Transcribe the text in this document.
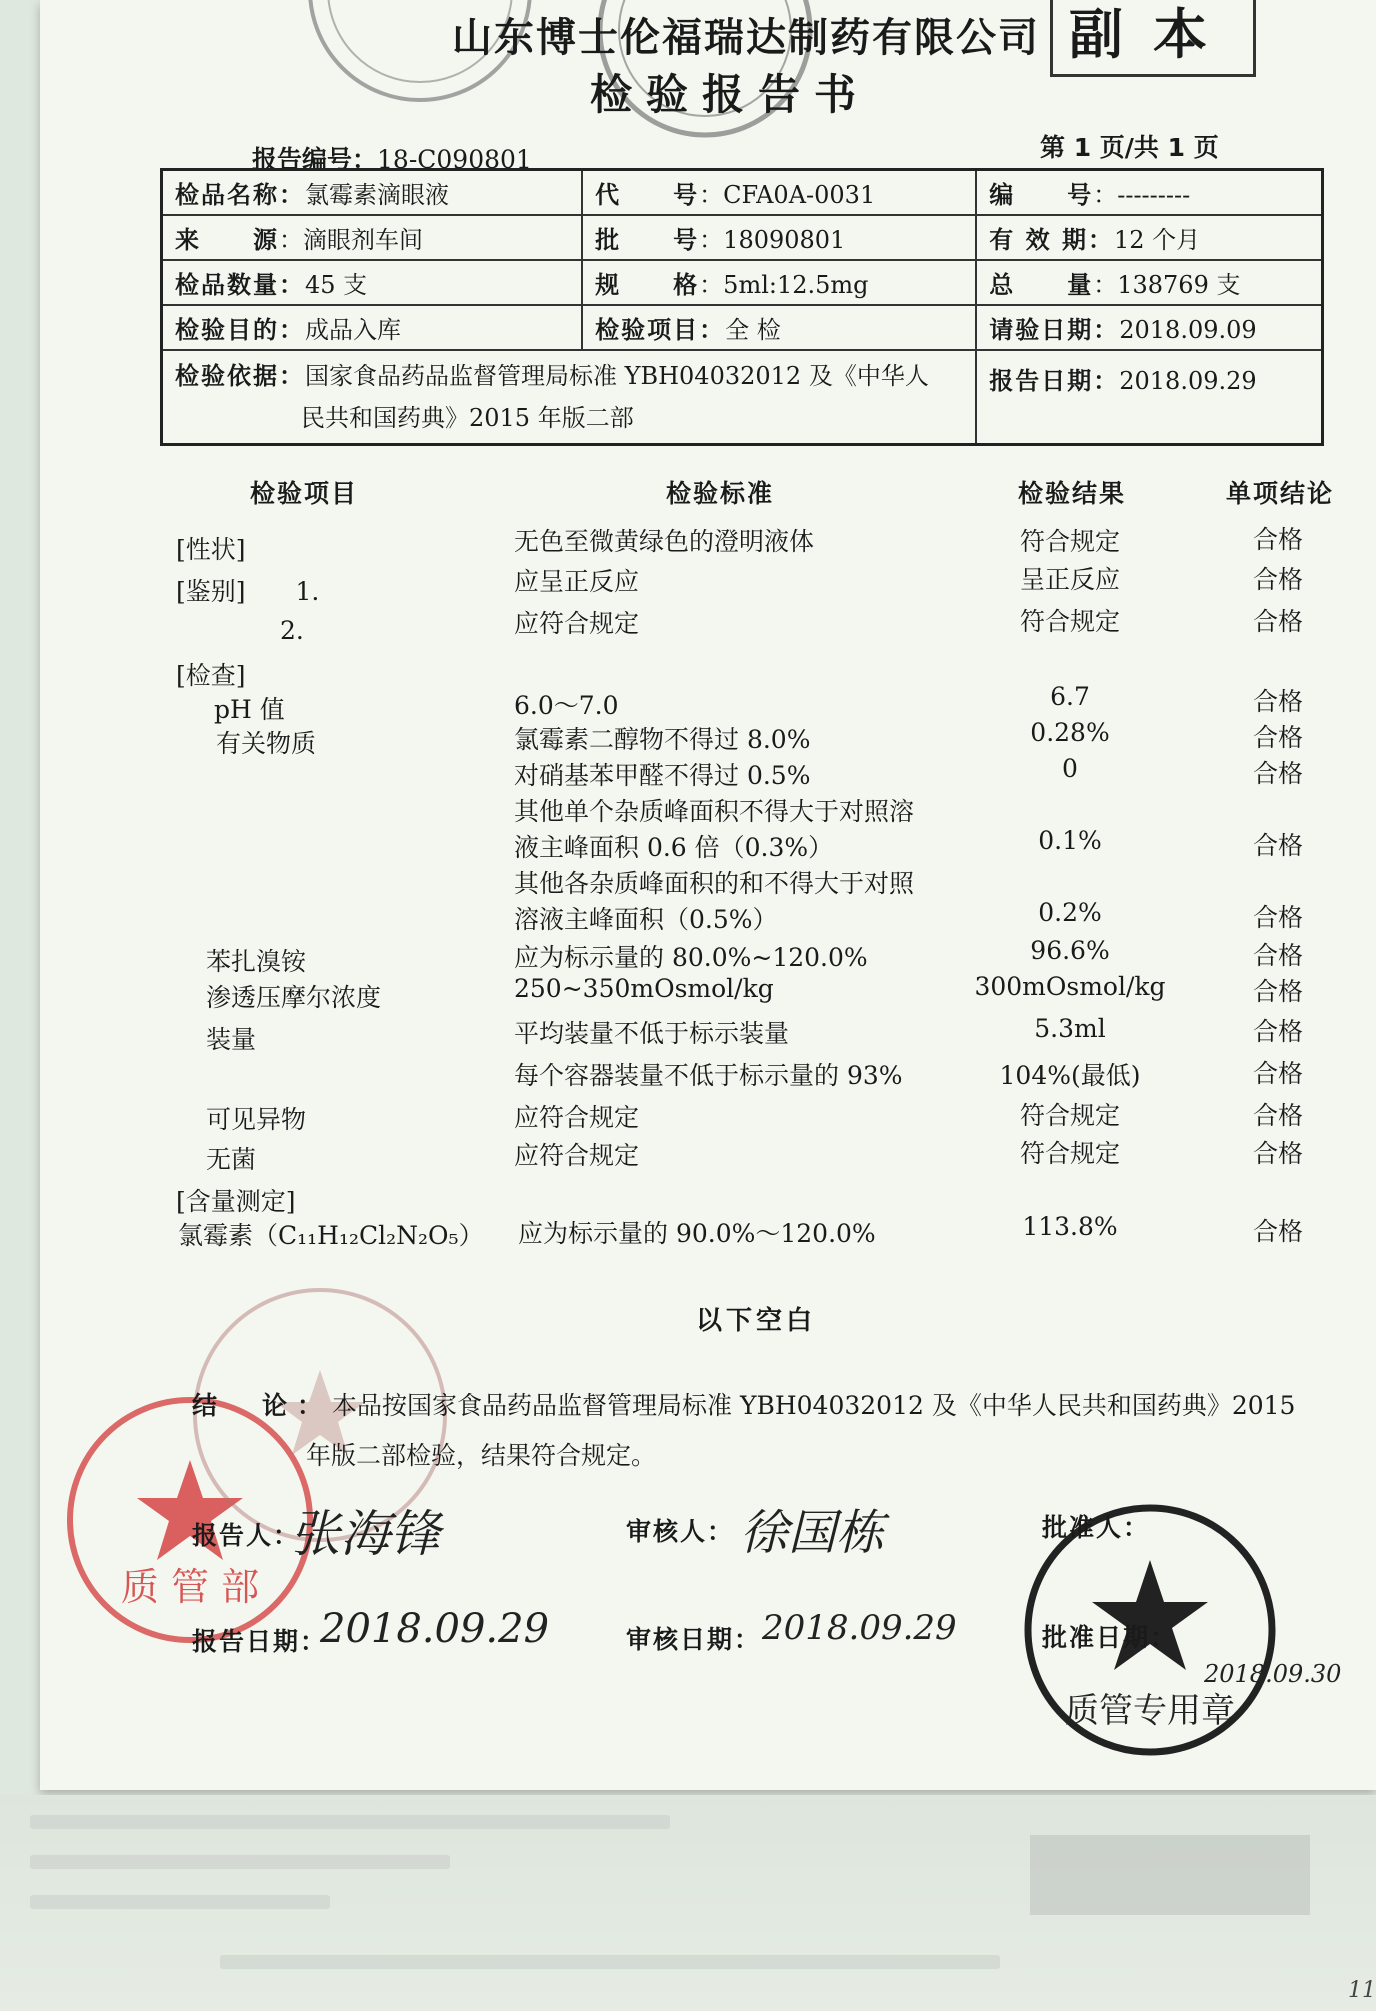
质 管 部
质管专用章
山东博士伦福瑞达制药有限公司
检验报告书
副本
报告编号：18-C090801	第 1 页/共 1 页
检品名称：氯霉素滴眼液	代　　号：CFA0A-0031	编　　号：---------
来　　源：滴眼剂车间	批　　号：18090801	有 效 期：12 个月
检品数量：45 支	规　　格：5ml:12.5mg	总　　量：138769 支
检验目的：成品入库	检验项目：全 检	请验日期：2018.09.09
检验依据：国家食品药品监督管理局标准 YBH04032012 及《中华人
民共和国药典》2015 年版二部		报告日期：2018.09.29
检验项目	检验标准	检验结果	单项结论
[性状]	无色至微黄绿色的澄明液体	符合规定	合格
[鉴别]　　1.	应呈正反应	呈正反应	合格
2.	应符合规定	符合规定	合格
[检查]
pH 值	6.0～7.0	6.7	合格
有关物质	氯霉素二醇物不得过 8.0%	0.28%	合格
对硝基苯甲醛不得过 0.5%	0	合格
其他单个杂质峰面积不得大于对照溶
液主峰面积 0.6 倍（0.3%）	0.1%	合格
其他各杂质峰面积的和不得大于对照
溶液主峰面积（0.5%）	0.2%	合格
苯扎溴铵	应为标示量的 80.0%~120.0%	96.6%	合格
渗透压摩尔浓度	250~350mOsmol/kg	300mOsmol/kg	合格
装量	平均装量不低于标示装量	5.3ml	合格
每个容器装量不低于标示量的 93%	104%(最低)	合格
可见异物	应符合规定	符合规定	合格
无菌	应符合规定	符合规定	合格
[含量测定]
氯霉素（C₁₁H₁₂Cl₂N₂O₅） 应为标示量的 90.0%～120.0%	113.8%	合格
以下空白
结　论：本品按国家食品药品监督管理局标准 YBH04032012 及《中华人民共和国药典》2015
年版二部检验，结果符合规定。
报告人：
张海锋	审核人： 徐国栋	批准人：
报告日期：
2018.09.29	审核日期： 2018.09.29	批准日期：
2018.09.30
11
